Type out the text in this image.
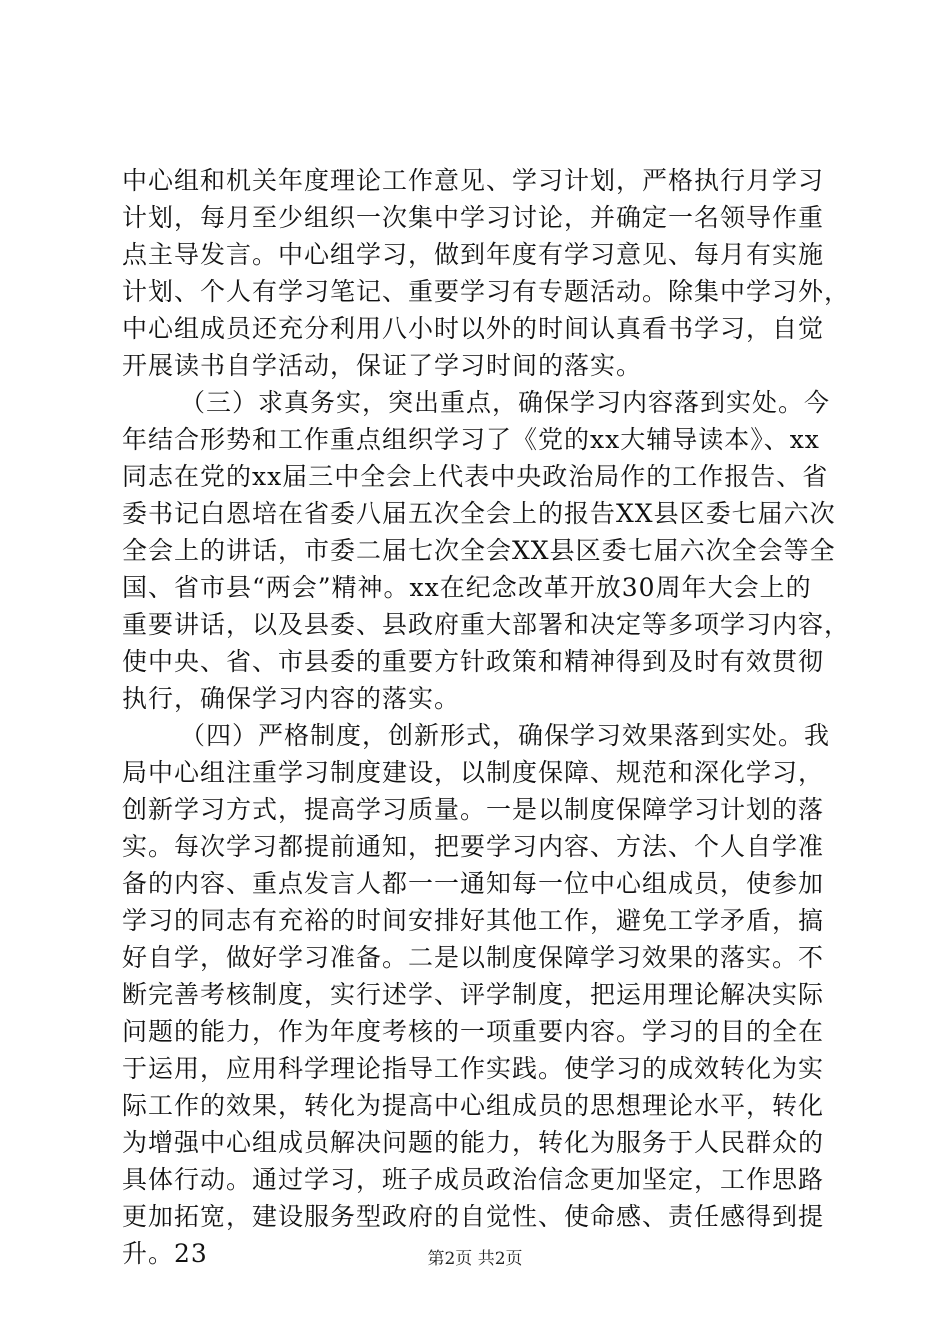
中心组和机关年度理论工作意见、学习计划，严格执行月学习
计划，每月至少组织一次集中学习讨论，并确定一名领导作重
点主导发言。中心组学习，做到年度有学习意见、每月有实施
计划、个人有学习笔记、重要学习有专题活动。除集中学习外，
中心组成员还充分利用八小时以外的时间认真看书学习，自觉
开展读书自学活动，保证了学习时间的落实。
（三）求真务实，突出重点，确保学习内容落到实处。今
年结合形势和工作重点组织学习了《党的xx大辅导读本》、xx
同志在党的xx届三中全会上代表中央政治局作的工作报告、省
委书记白恩培在省委八届五次全会上的报告XX县区委七届六次
全会上的讲话，市委二届七次全会XX县区委七届六次全会等全
国、省市县“两会”精神。xx在纪念改革开放30周年大会上的
重要讲话，以及县委、县政府重大部署和决定等多项学习内容，
使中央、省、市县委的重要方针政策和精神得到及时有效贯彻
执行，确保学习内容的落实。
（四）严格制度，创新形式，确保学习效果落到实处。我
局中心组注重学习制度建设，以制度保障、规范和深化学习，
创新学习方式，提高学习质量。一是以制度保障学习计划的落
实。每次学习都提前通知，把要学习内容、方法、个人自学准
备的内容、重点发言人都一一通知每一位中心组成员，使参加
学习的同志有充裕的时间安排好其他工作，避免工学矛盾，搞
好自学，做好学习准备。二是以制度保障学习效果的落实。不
断完善考核制度，实行述学、评学制度，把运用理论解决实际
问题的能力，作为年度考核的一项重要内容。学习的目的全在
于运用，应用科学理论指导工作实践。使学习的成效转化为实
际工作的效果，转化为提高中心组成员的思想理论水平，转化
为增强中心组成员解决问题的能力，转化为服务于人民群众的
具体行动。通过学习，班子成员政治信念更加坚定，工作思路
更加拓宽，建设服务型政府的自觉性、使命感、责任感得到提
升。23	第2页 共2页
